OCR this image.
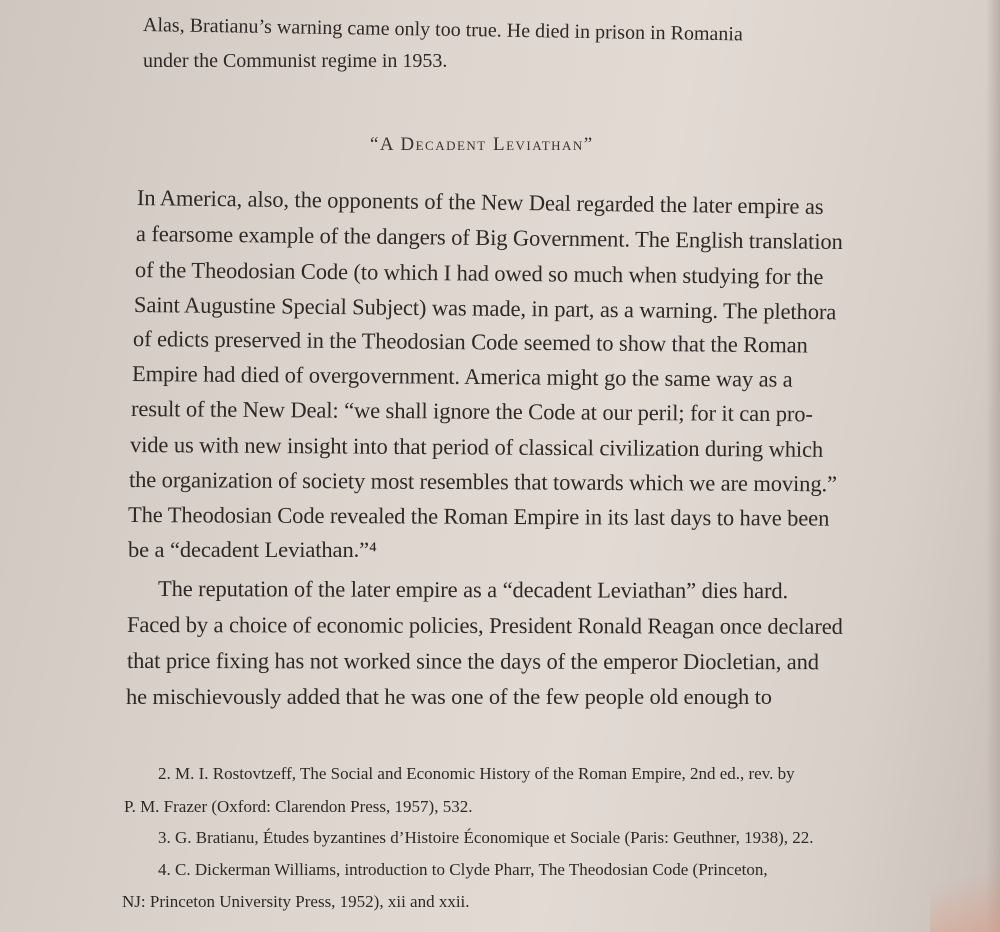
Alas, Bratianu’s warning came only too true. He died in prison in Romania
under the Communist regime in 1953.
“A Decadent Leviathan”
In America, also, the opponents of the New Deal regarded the later empire as
a fearsome example of the dangers of Big Government. The English translation
of the Theodosian Code (to which I had owed so much when studying for the
Saint Augustine Special Subject) was made, in part, as a warning. The plethora
of edicts preserved in the Theodosian Code seemed to show that the Roman
Empire had died of overgovernment. America might go the same way as a
result of the New Deal: “we shall ignore the Code at our peril; for it can pro-
vide us with new insight into that period of classical civilization during which
the organization of society most resembles that towards which we are moving.”
The Theodosian Code revealed the Roman Empire in its last days to have been
be a “decadent Leviathan.”⁴
The reputation of the later empire as a “decadent Leviathan” dies hard.
Faced by a choice of economic policies, President Ronald Reagan once declared
that price fixing has not worked since the days of the emperor Diocletian, and
he mischievously added that he was one of the few people old enough to
2. M. I. Rostovtzeff, The Social and Economic History of the Roman Empire, 2nd ed., rev. by
P. M. Frazer (Oxford: Clarendon Press, 1957), 532.
3. G. Bratianu, Études byzantines d’Histoire Économique et Sociale (Paris: Geuthner, 1938), 22.
4. C. Dickerman Williams, introduction to Clyde Pharr, The Theodosian Code (Princeton,
NJ: Princeton University Press, 1952), xii and xxii.
